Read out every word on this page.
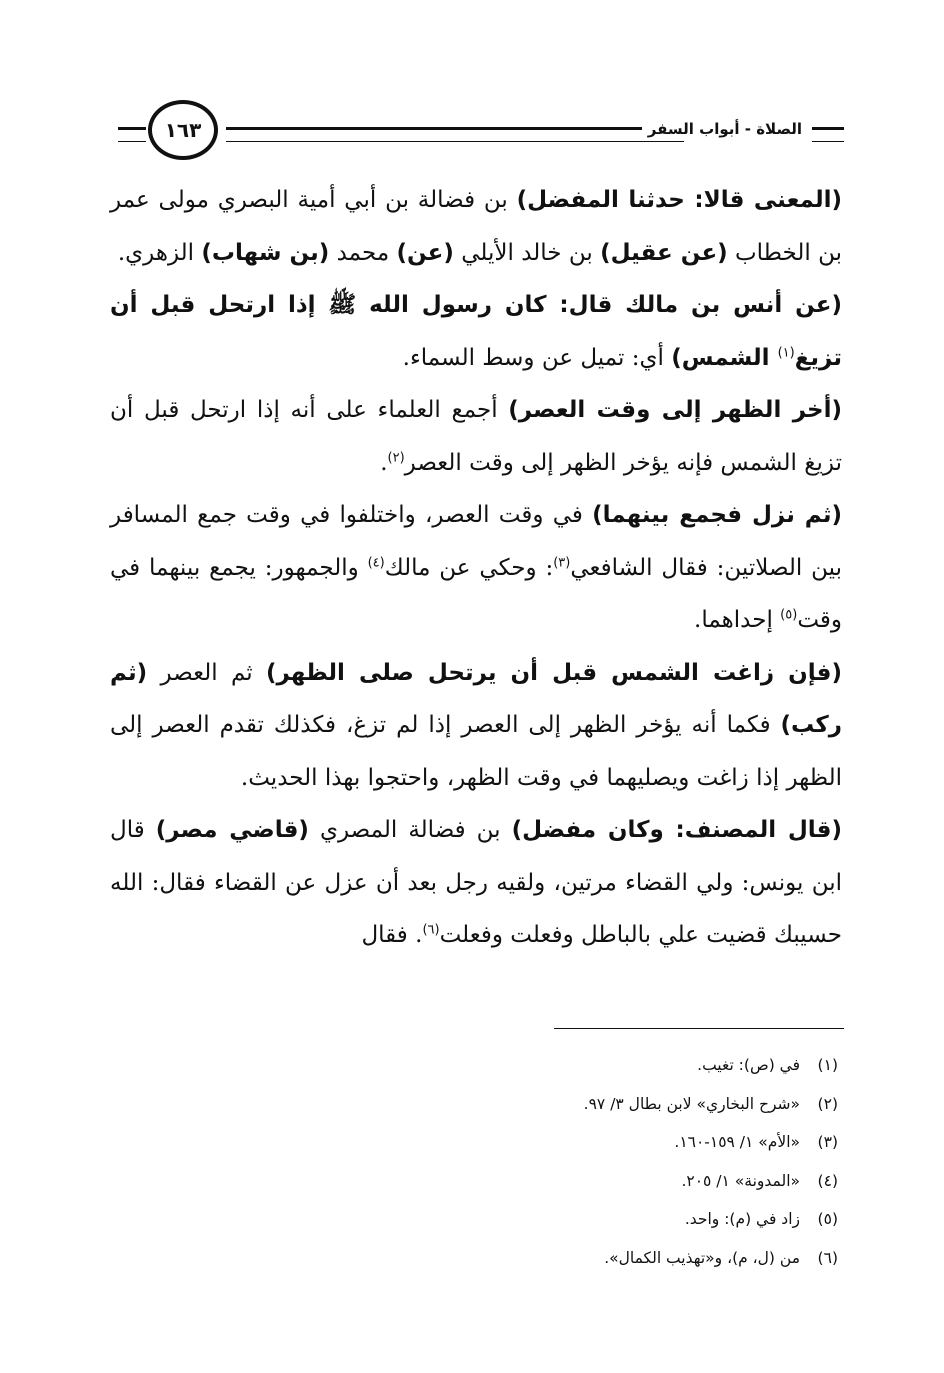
١٦٣	الصلاة - أبواب السفر

(المعنى قالا: حدثنا المفضل) بن فضالة بن أبي أمية البصري مولى عمر بن الخطاب (عن عقيل) بن خالد الأيلي (عن) محمد (بن شهاب) الزهري.

(عن أنس بن مالك قال: كان رسول الله ﷺ إذا ارتحل قبل أن تزيغ$^{(١)}$ الشمس) أي: تميل عن وسط السماء.

(أخر الظهر إلى وقت العصر) أجمع العلماء على أنه إذا ارتحل قبل أن تزيغ الشمس فإنه يؤخر الظهر إلى وقت العصر$^{(٢)}$.

(ثم نزل فجمع بينهما) في وقت العصر، واختلفوا في وقت جمع المسافر بين الصلاتين: فقال الشافعي$^{(٣)}$: وحكي عن مالك$^{(٤)}$ والجمهور: يجمع بينهما في وقت$^{(٥)}$ إحداهما.

(فإن زاغت الشمس قبل أن يرتحل صلى الظهر) ثم العصر (ثم ركب) فكما أنه يؤخر الظهر إلى العصر إذا لم تزغ، فكذلك تقدم العصر إلى الظهر إذا زاغت ويصليهما في وقت الظهر، واحتجوا بهذا الحديث.

(قال المصنف: وكان مفضل) بن فضالة المصري (قاضي مصر) قال ابن يونس: ولي القضاء مرتين، ولقيه رجل بعد أن عزل عن القضاء فقال: الله حسيبك قضيت علي بالباطل وفعلت وفعلت$^{(٦)}$. فقال

(١)في (ص): تغيب.
(٢)«شرح البخاري» لابن بطال ٣/ ٩٧.
(٣)«الأم» ١/ ١٥٩-١٦٠.
(٤)«المدونة» ١/ ٢٠٥.
(٥)زاد في (م): واحد.
(٦)من (ل، م)، و«تهذيب الكمال».
